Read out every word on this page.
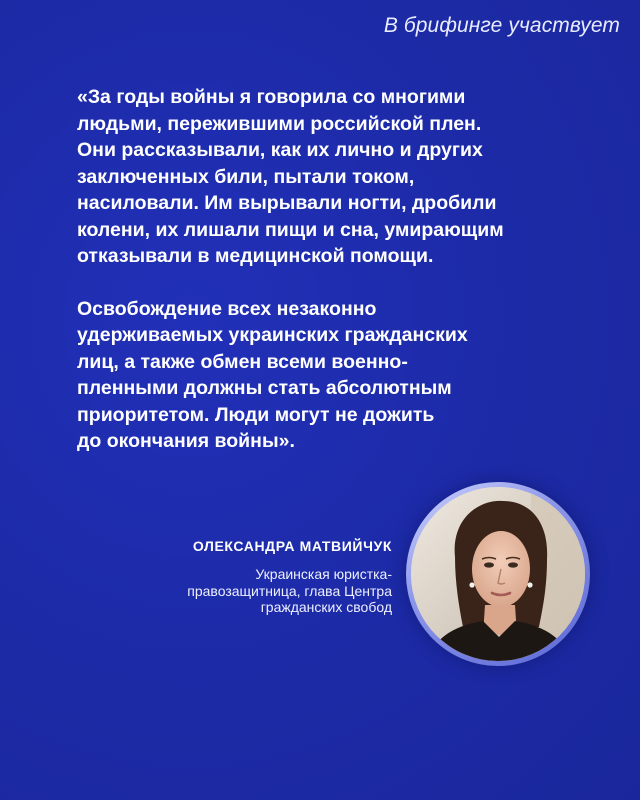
В брифинге участвует

«За годы войны я говорила со многими
людьми, пережившими российской плен.
Они рассказывали, как их лично и других
заключенных били, пытали током,
насиловали. Им вырывали ногти, дробили
колени, их лишали пищи и сна, умирающим
отказывали в медицинской помощи.

Освобождение всех незаконно
удерживаемых украинских гражданских
лиц, а также обмен всеми военно-
пленными должны стать абсолютным
приоритетом. Люди могут не дожить
до окончания войны».

ОЛЕКСАНДРА МАТВИЙЧУК
Украинская юристка-
правозащитница, глава Центра
гражданских свобод
